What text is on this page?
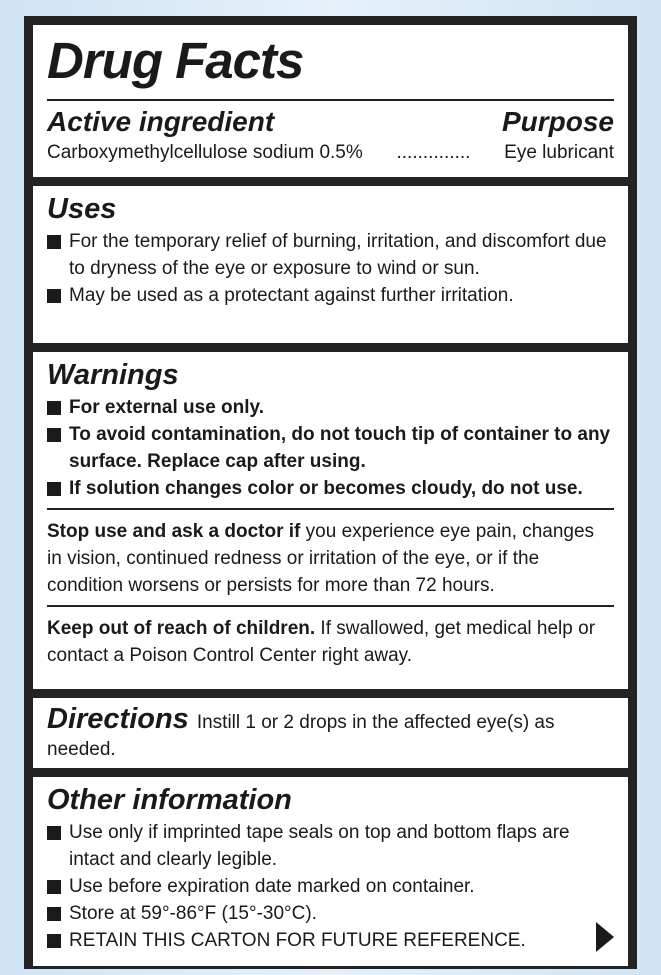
Drug Facts
Active ingredient	Purpose
Carboxymethylcellulose sodium 0.5%	..............	Eye lubricant
Uses
For the temporary relief of burning, irritation, and discomfort due to dryness of the eye or exposure to wind or sun.
May be used as a protectant against further irritation.
Warnings
For external use only.
To avoid contamination, do not touch tip of container to any surface. Replace cap after using.
If solution changes color or becomes cloudy, do not use.
Stop use and ask a doctor if you experience eye pain, changes in vision, continued redness or irritation of the eye, or if the condition worsens or persists for more than 72 hours.
Keep out of reach of children. If swallowed, get medical help or contact a Poison Control Center right away.
Directions Instill 1 or 2 drops in the affected eye(s) as needed.
Other information
Use only if imprinted tape seals on top and bottom flaps are intact and clearly legible.
Use before expiration date marked on container.
Store at 59°-86°F (15°-30°C).
RETAIN THIS CARTON FOR FUTURE REFERENCE.
